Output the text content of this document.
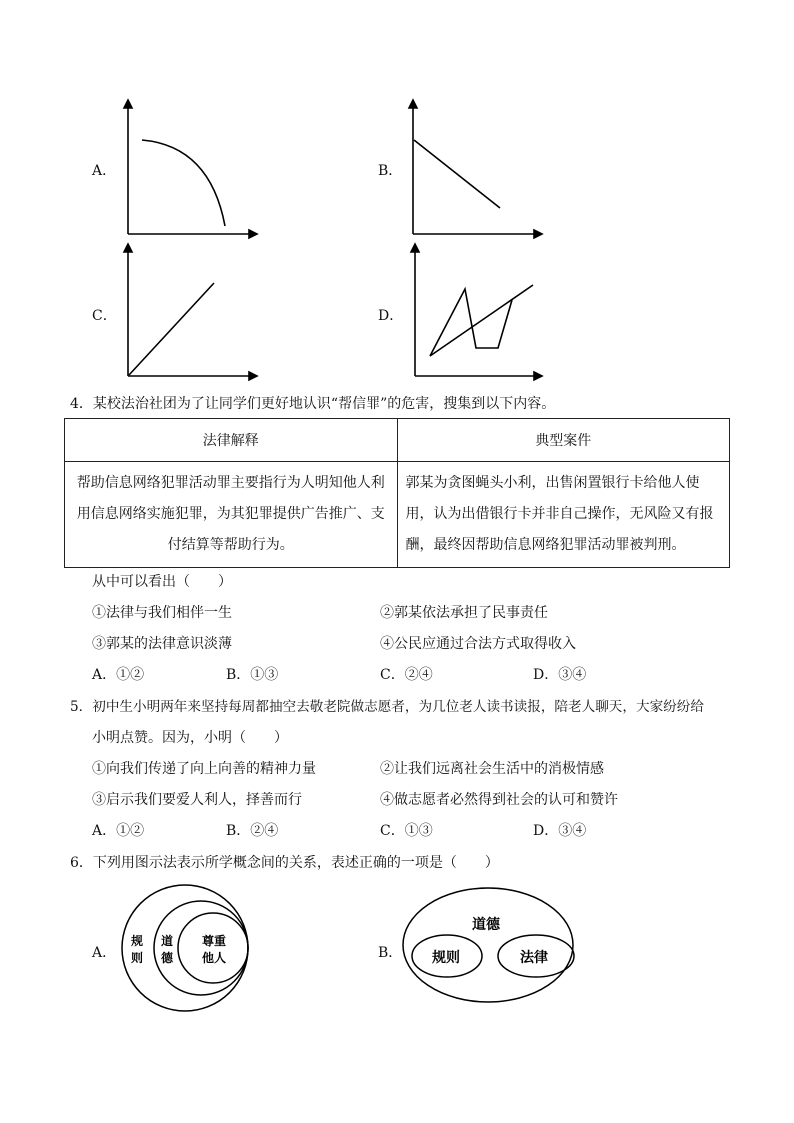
A．	B．
C．	D．
4．某校法治社团为了让同学们更好地认识“帮信罪”的危害，搜集到以下内容。
法律解释	典型案件
帮助信息网络犯罪活动罪主要指行为人明知他人利用信息网络实施犯罪，为其犯罪提供广告推广、支付结算等帮助行为。	郭某为贪图蝇头小利，出售闲置银行卡给他人使用，认为出借银行卡并非自己操作，无风险又有报酬，最终因帮助信息网络犯罪活动罪被判刑。
从中可以看出（　　）
①法律与我们相伴一生	②郭某依法承担了民事责任
③郭某的法律意识淡薄	④公民应通过合法方式取得收入
A．①②	B．①③	C．②④	D．③④
5．初中生小明两年来坚持每周都抽空去敬老院做志愿者，为几位老人读书读报，陪老人聊天，大家纷纷给
小明点赞。因为，小明（　　）
①向我们传递了向上向善的精神力量	②让我们远离社会生活中的消极情感
③启示我们要爱人利人，择善而行	④做志愿者必然得到社会的认可和赞许
A．①②	B．②④	C．①③	D．③④
6．下列用图示法表示所学概念间的关系，表述正确的一项是（　　）
A．
规
则
道
德
尊重
他人	B．
道德
规则	法律
